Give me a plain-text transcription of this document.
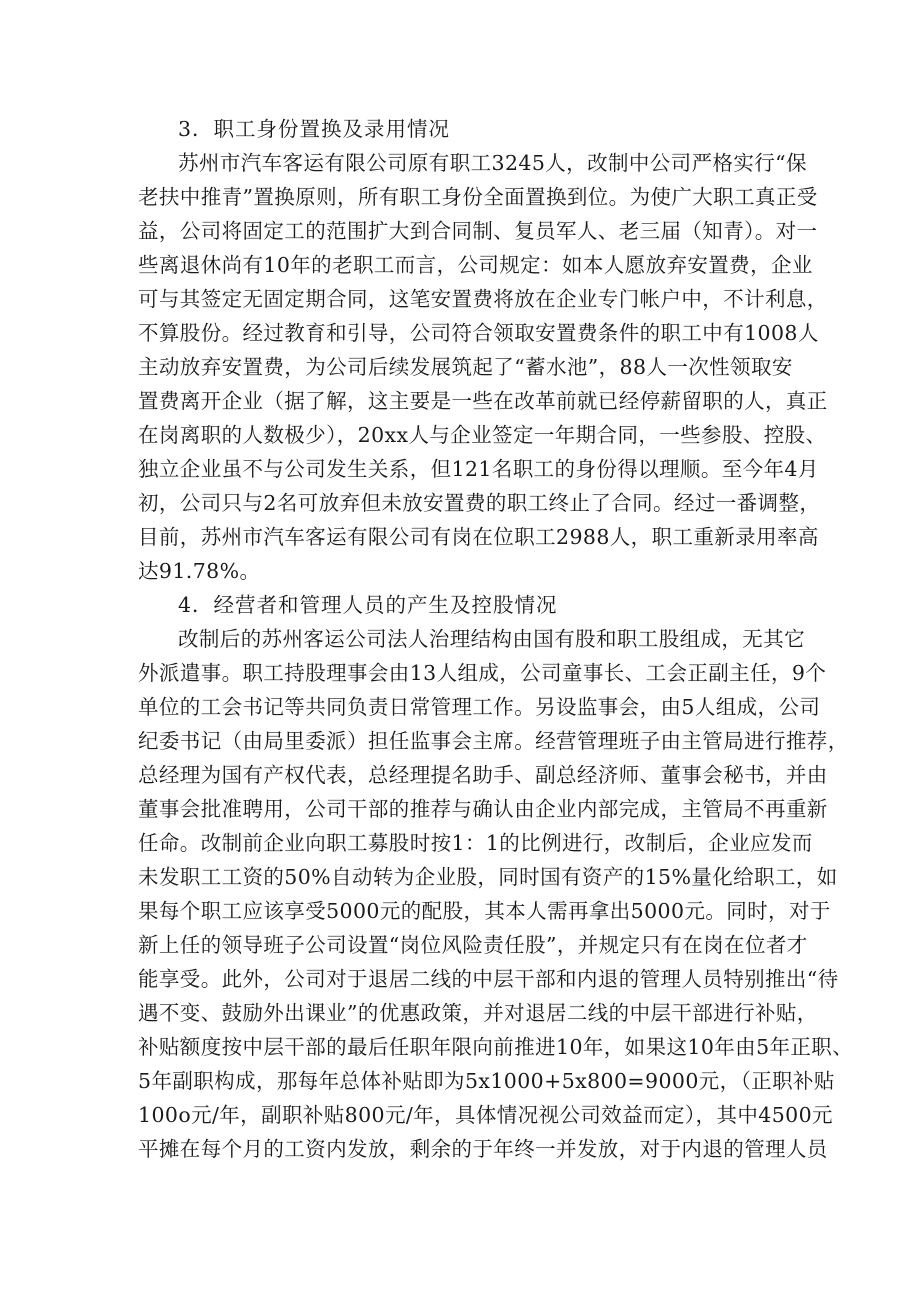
3．职工身份置换及录用情况
苏州市汽车客运有限公司原有职工3245人，改制中公司严格实行“保
老扶中推青”置换原则，所有职工身份全面置换到位。为使广大职工真正受
益，公司将固定工的范围扩大到合同制、复员军人、老三届（知青）。对一
些离退休尚有10年的老职工而言，公司规定：如本人愿放弃安置费，企业
可与其签定无固定期合同，这笔安置费将放在企业专门帐户中，不计利息，
不算股份。经过教育和引导，公司符合领取安置费条件的职工中有1008人
主动放弃安置费，为公司后续发展筑起了“蓄水池”，88人一次性领取安
置费离开企业（据了解，这主要是一些在改革前就已经停薪留职的人，真正
在岗离职的人数极少），20xx人与企业签定一年期合同，一些参股、控股、
独立企业虽不与公司发生关系，但121名职工的身份得以理顺。至今年4月
初，公司只与2名可放弃但未放安置费的职工终止了合同。经过一番调整，
目前，苏州市汽车客运有限公司有岗在位职工2988人，职工重新录用率高
达91.78%。
4．经营者和管理人员的产生及控股情况
改制后的苏州客运公司法人治理结构由国有股和职工股组成，无其它
外派遣事。职工持股理事会由13人组成，公司童事长、工会正副主任，9个
单位的工会书记等共同负责日常管理工作。另设监事会，由5人组成，公司
纪委书记（由局里委派）担任监事会主席。经营管理班子由主管局进行推荐，
总经理为国有产权代表，总经理提名助手、副总经济师、董事会秘书，并由
董事会批准聘用，公司干部的推荐与确认由企业内部完成，主管局不再重新
任命。改制前企业向职工募股时按1：1的比例进行，改制后，企业应发而
未发职工工资的50%自动转为企业股，同时国有资产的15%量化给职工，如
果每个职工应该享受5000元的配股，其本人需再拿出5000元。同时，对于
新上任的领导班子公司设置“岗位风险责任股”，并规定只有在岗在位者才
能享受。此外，公司对于退居二线的中层干部和内退的管理人员特别推出“待
遇不变、鼓励外出课业”的优惠政策，并对退居二线的中层干部进行补贴，
补贴额度按中层干部的最后任职年限向前推进10年，如果这10年由5年正职、
5年副职构成，那每年总体补贴即为5x1000+5x800=9000元，（正职补贴
100o元/年，副职补贴800元/年，具体情况视公司效益而定），其中4500元
平摊在每个月的工资内发放，剩余的于年终一并发放，对于内退的管理人员
